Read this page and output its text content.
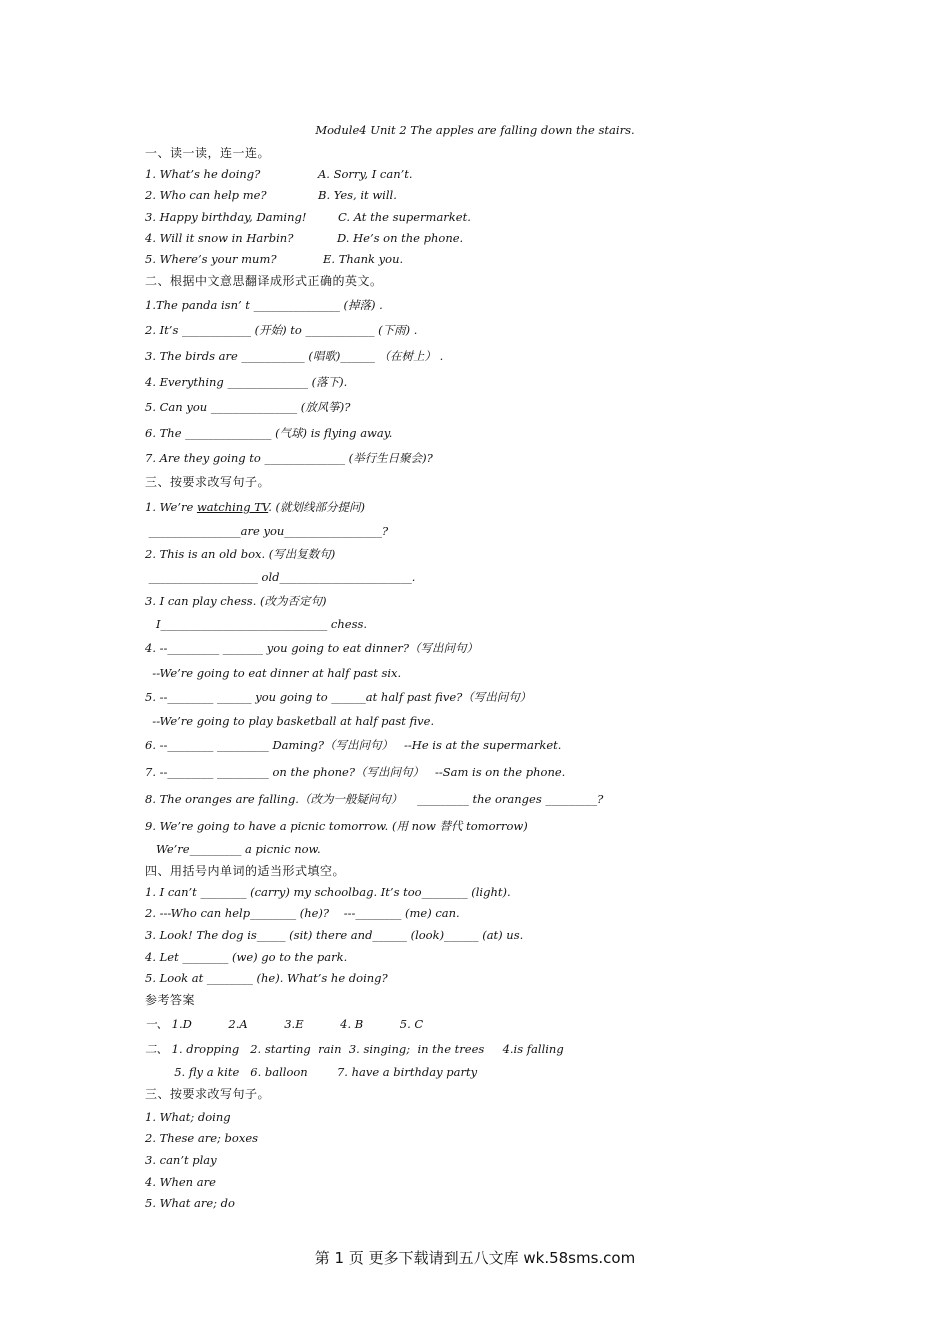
Module4 Unit 2 The apples are falling down the stairs.
一、读一读，连一连。
1. What’s he doing?
2. Who can help me?
3. Happy birthday, Daming!
4. Will it snow in Harbin?
5. Where’s your mum?
A. Sorry, I can’t.
B. Yes, it will.
C. At the supermarket.
D. He’s on the phone.
E. Thank you.
二、根据中文意思翻译成形式正确的英文。
1.The panda isn’ t _______________ (掉落) .
2. It’s ____________ (开始) to ____________ (下雨) .
3. The birds are ___________ (唱歌)______ （在树上） .
4. Everything ______________ (落下).
5. Can you _______________ (放风筝)?
6. The _______________ (气球) is flying away.
7. Are they going to ______________ (举行生日聚会)?
三、按要求改写句子。
1. We’re watching TV. (就划线部分提问)
________________are you_________________?
2. This is an old box. (写出复数句)
___________________ old_______________________.
3. I can play chess. (改为否定句)
I_____________________________ chess.
4. --_________ _______ you going to eat dinner?（写出问句）
--We’re going to eat dinner at half past six.
5. --________ ______ you going to ______at half past five?（写出问句）
--We’re going to play basketball at half past five.
6. --________ _________ Daming?（写出问句）   --He is at the supermarket.
7. --________ _________ on the phone?（写出问句）   --Sam is on the phone.
8. The oranges are falling.（改为一般疑问句）    _________ the oranges _________?
9. We’re going to have a picnic tomorrow. (用 now 替代 tomorrow)
We’re_________ a picnic now.
四、用括号内单词的适当形式填空。
1. I can’t ________ (carry) my schoolbag. It’s too________ (light).
2. ---Who can help________ (he)?    ---________ (me) can.
3. Look! The dog is_____ (sit) there and______ (look)______ (at) us.
4. Let ________ (we) go to the park.
5. Look at ________ (he). What’s he doing?
参考答案
一、 1.D          2.A          3.E          4. B          5. C
二、 1. dropping   2. starting  rain  3. singing;  in the trees     4.is falling
5. fly a kite   6. balloon        7. have a birthday party
三、按要求改写句子。
1. What; doing
2. These are; boxes
3. can’t play
4. When are
5. What are; do
第 1 页 更多下载请到五八文库 wk.58sms.com
